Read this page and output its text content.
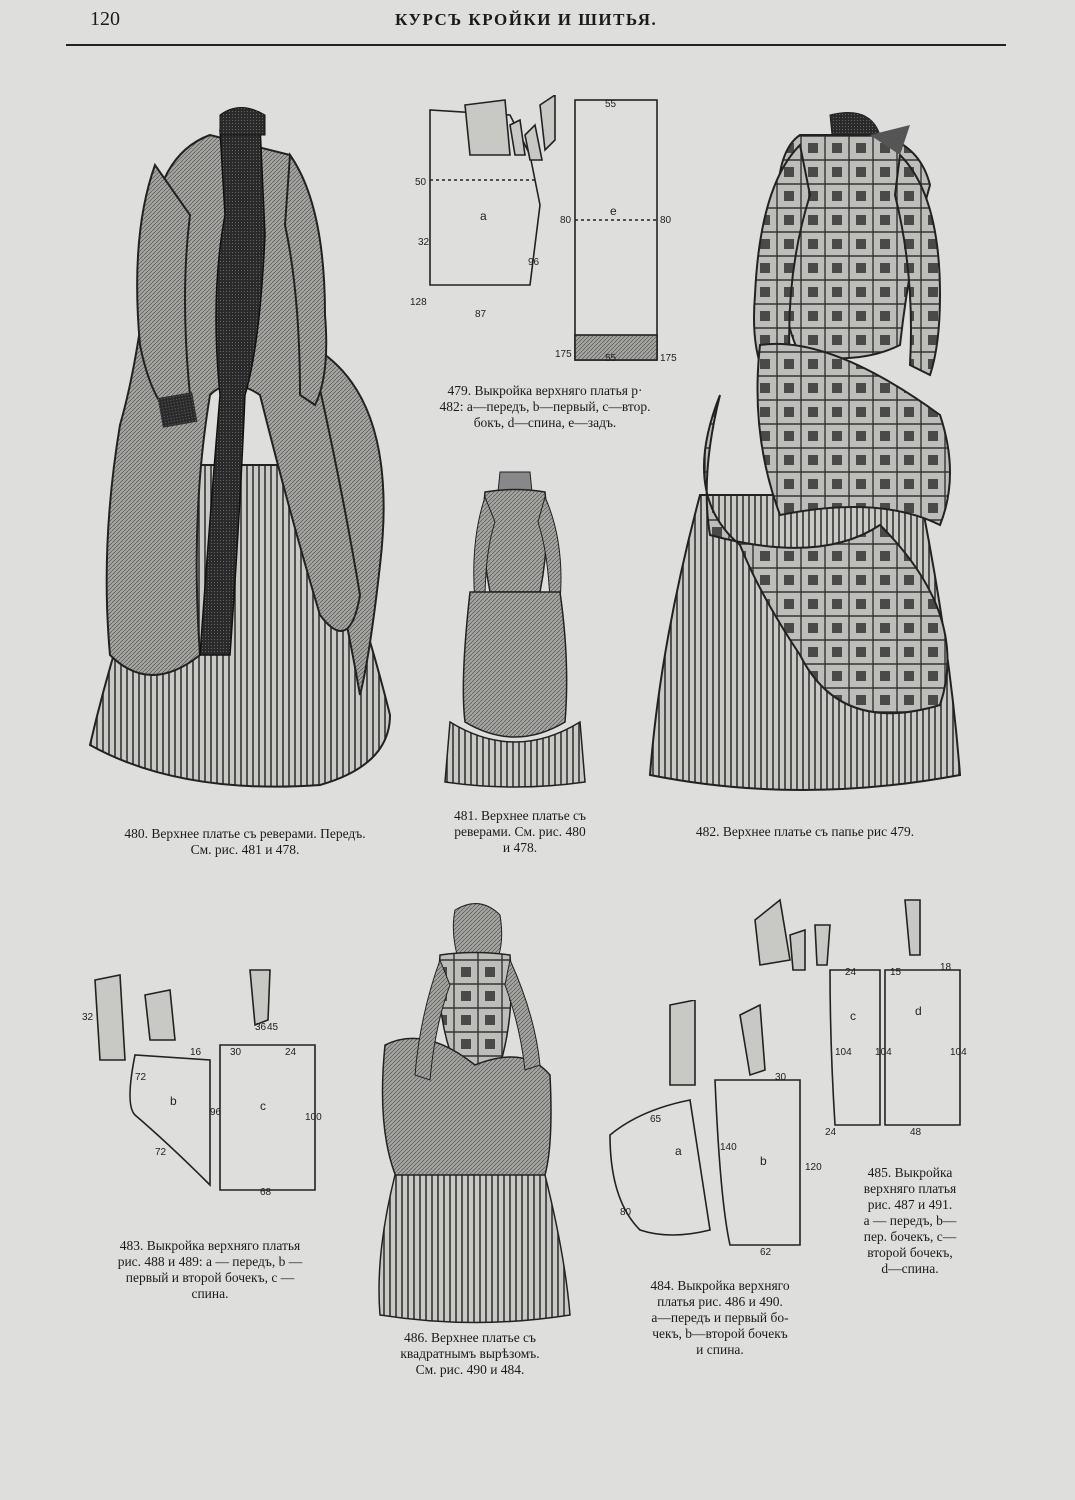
120	КУРСЪ КРОЙКИ И ШИТЬЯ.
55
50
a
32
96
128
87
80
e
80
175	55	175
479. Выкройка верхняго платья р·
482: a—передъ, b—первый, c—втор.
бокъ, d—спина, e—задъ.
480. Верхнее платье съ реверами. Передъ.
См. рис. 481 и 478.
481. Верхнее платье съ
реверами. См. рис. 480
и 478.
482. Верхнее платье съ папье рис 479.
32
16	30
36 45
24
72
b
96	c
100
72
68
483. Выкройка верхняго платья
рис. 488 и 489: a — передъ, b —
первый и второй бочекъ, c —
спина.
486. Верхнее платье съ
квадратнымъ вырѣзомъ.
См. рис. 490 и 484.
30
65
a	140
b	120
80
62
484. Выкройка верхняго
платья рис. 486 и 490.
a—передъ и первый бо-
чекъ, b—второй бочекъ
и спина.
24	15	18
c	d
104 104	104
24	48
485. Выкройка
верхняго платья
рис. 487 и 491.
a — передъ, b—
пер. бочекъ, c—
второй бочекъ,
d—спина.
